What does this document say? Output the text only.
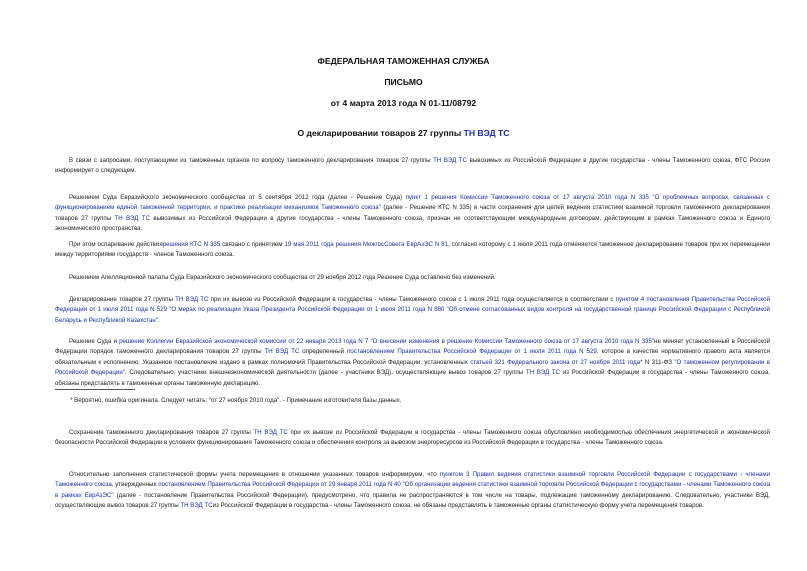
ФЕДЕРАЛЬНАЯ ТАМОЖЕННАЯ СЛУЖБА
ПИСЬМО
от 4 марта 2013 года N 01-11/08792
О декларировании товаров 27 группы ТН ВЭД ТС

В связи с запросами, поступающими из таможенных органов по вопросу таможенного декларирования товаров 27 группы ТН ВЭД ТС вывозимых из Российской Федерации в другие государства - члены Таможенного союза, ФТС России информирует о следующем.

Решением Суда Евразийского экономического сообщества от 5 сентября 2012 года (далее - Решение Суда) пункт 1 решения Комиссии Таможенного союза от 17 августа 2010 года N 335 "О проблемных вопросах, связанных с функционированием единой таможенной территории, и практике реализации механизмов Таможенного союза" (далее - Решение КТС N 335) в части сохранения для целей ведения статистики взаимной торговли таможенного декларирования товаров 27 группы ТН ВЭД ТС вывозимых из Российской Федерации в другие государства - члены Таможенного союза, признан не соответствующим международным договорам, действующим в рамках Таможенного союза и Единого экономического пространства.

При этом оспаривание действиярешения КТС N 335 связано с принятием 19 мая 2011 года решения МежгосСовета ЕврАзЭС N 81, согласно которому с 1 июля 2011 года отменяется таможенное декларирование товаров при их перемещении между территориями государств - членов Таможенного союза.

Решением Апелляционной палаты Суда Евразийского экономического сообщества от 29 ноября 2012 года Решение Суда оставлено без изменений.

Декларирование товаров 27 группы ТН ВЭД ТС при их вывозе из Российской Федерации в государства - члены Таможенного союза с 1 июля 2011 года осуществляется в соответствии с пунктом 4 постановления Правительства Российской Федерации от 1 июля 2011 года N 529 "О мерах по реализации Указа Президента Российской Федерации от 1 июля 2011 года N 880 "Об отмене согласованных видов контроля на государственной границе Российской Федерации с Республикой Беларусь и Республикой Казахстан".

Решение Суда и решение Коллегии Евразийской экономической комиссии от 22 января 2013 года N 7 "О внесении изменения в решение Комиссии Таможенного союза от 17 августа 2010 года N 335"не меняет установленный в Российской Федерации порядок таможенного декларирования товаров 27 группы ТН ВЭД ТС определенный постановлением Правительства Российской Федерации от 1 июля 2011 года N 529, которое в качестве нормативного правого акта является обязательным к исполнению. Указанное постановление издано в рамках полномочий Правительства Российской Федерации, установленных статьей 321 Федерального закона от 27 ноября 2011 года* N 311-ФЗ "О таможенном регулировании в Российской Федерации". Следовательно, участники внешнеэкономической деятельности (далее - участники ВЭД), осуществляющие вывоз товаров 27 группы ТН ВЭД ТС из Российской Федерации в государства - члены Таможенного союза, обязаны представлять в таможенные органы таможенную декларацию.

* Вероятно, ошибка оригинала. Следует читать: "от 27 ноября 2010 года". - Примечание изготовителя базы данных.

Сохранение таможенного декларирования товаров 27 группы ТН ВЭД ТС при их вывозе из Российской Федерации в государства - члены Таможенного союза обусловлено необходимостью обеспечения энергетической и экономической безопасности Российской Федерации в условиях функционирования Таможенного союза и обеспечения контроля за вывозом энергоресурсов из Российской Федерации в государства - члены Таможенного союза.

Относительно заполнения статистической формы учета перемещения в отношении указанных товаров информируем, что пунктом 3 Правил ведения статистики взаимной торговли Российской Федерации с государствами - членами Таможенного союза, утвержденных постановлением Правительства Российской Федерации от 29 января 2011 года N 40 "Об организации ведения статистики взаимной торговли Российской Федерации с государствами - членами Таможенного союза в рамках ЕврАзЭС" (далее - постановление Правительства Российской Федерации), предусмотрено, что правила не распространяются в том числе на товары, подлежащие таможенному декларированию. Следовательно, участники ВЭД, осуществляющие вывоз товаров 27 группы ТН ВЭД ТСиз Российской Федерации в государства - члены Таможенного союза, не обязаны представлять в таможенные органы статистическую форму учета перемещения товаров.
